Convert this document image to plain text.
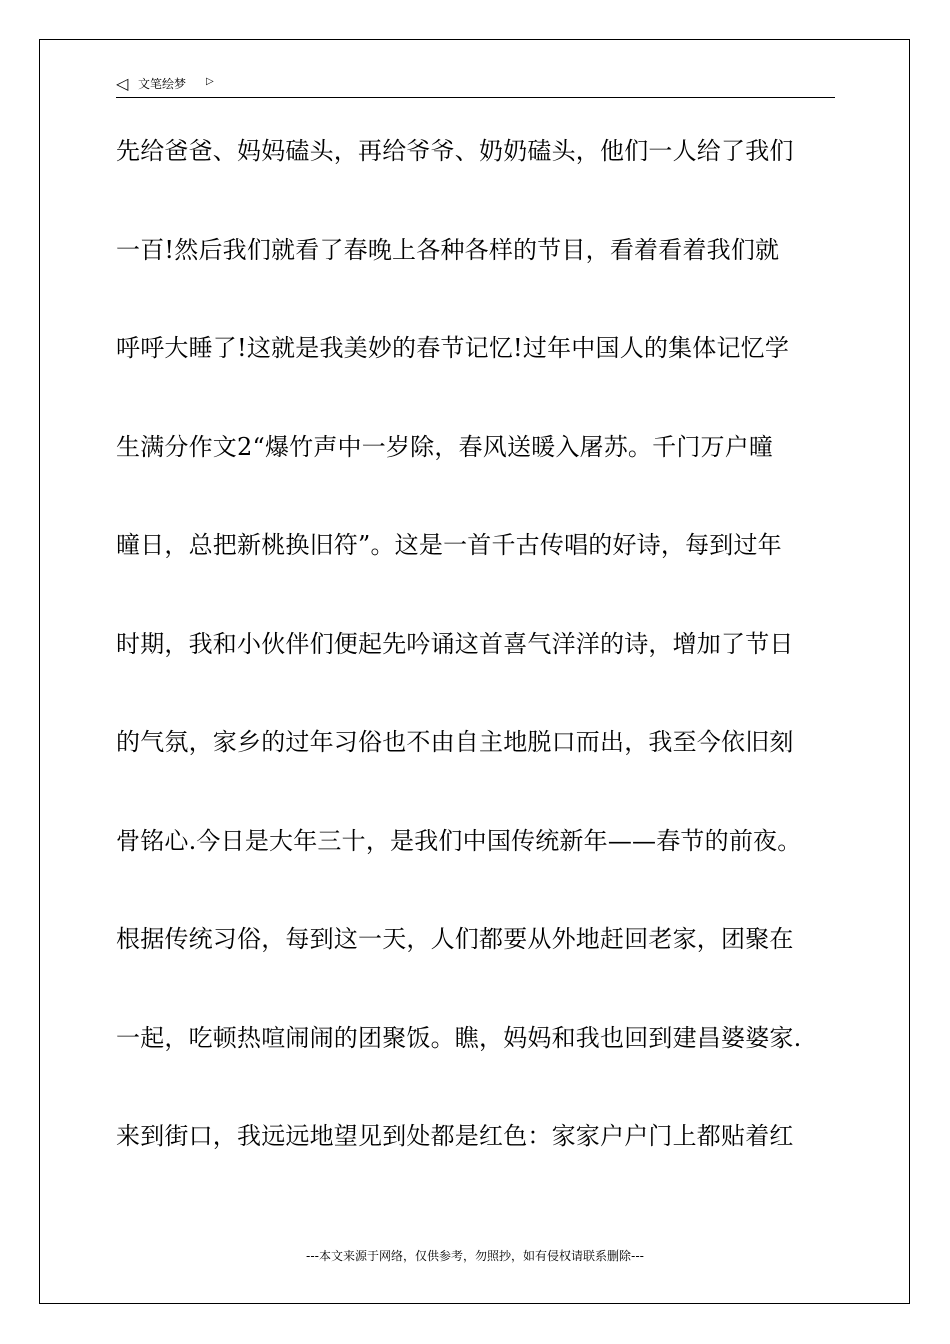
◁ 文笔绘梦 ▷
先给爸爸、妈妈磕头，再给爷爷、奶奶磕头，他们一人给了我们
一百!然后我们就看了春晚上各种各样的节目，看着看着我们就
呼呼大睡了!这就是我美妙的春节记忆!过年中国人的集体记忆学
生满分作文2“爆竹声中一岁除，春风送暖入屠苏。千门万户曈
曈日，总把新桃换旧符”。这是一首千古传唱的好诗，每到过年
时期，我和小伙伴们便起先吟诵这首喜气洋洋的诗，增加了节日
的气氛，家乡的过年习俗也不由自主地脱口而出，我至今依旧刻
骨铭心.今日是大年三十，是我们中国传统新年——春节的前夜。
根据传统习俗，每到这一天，人们都要从外地赶回老家，团聚在
一起，吃顿热喧闹闹的团聚饭。瞧，妈妈和我也回到建昌婆婆家.
来到街口，我远远地望见到处都是红色：家家户户门上都贴着红
---本文来源于网络，仅供参考，勿照抄，如有侵权请联系删除---
